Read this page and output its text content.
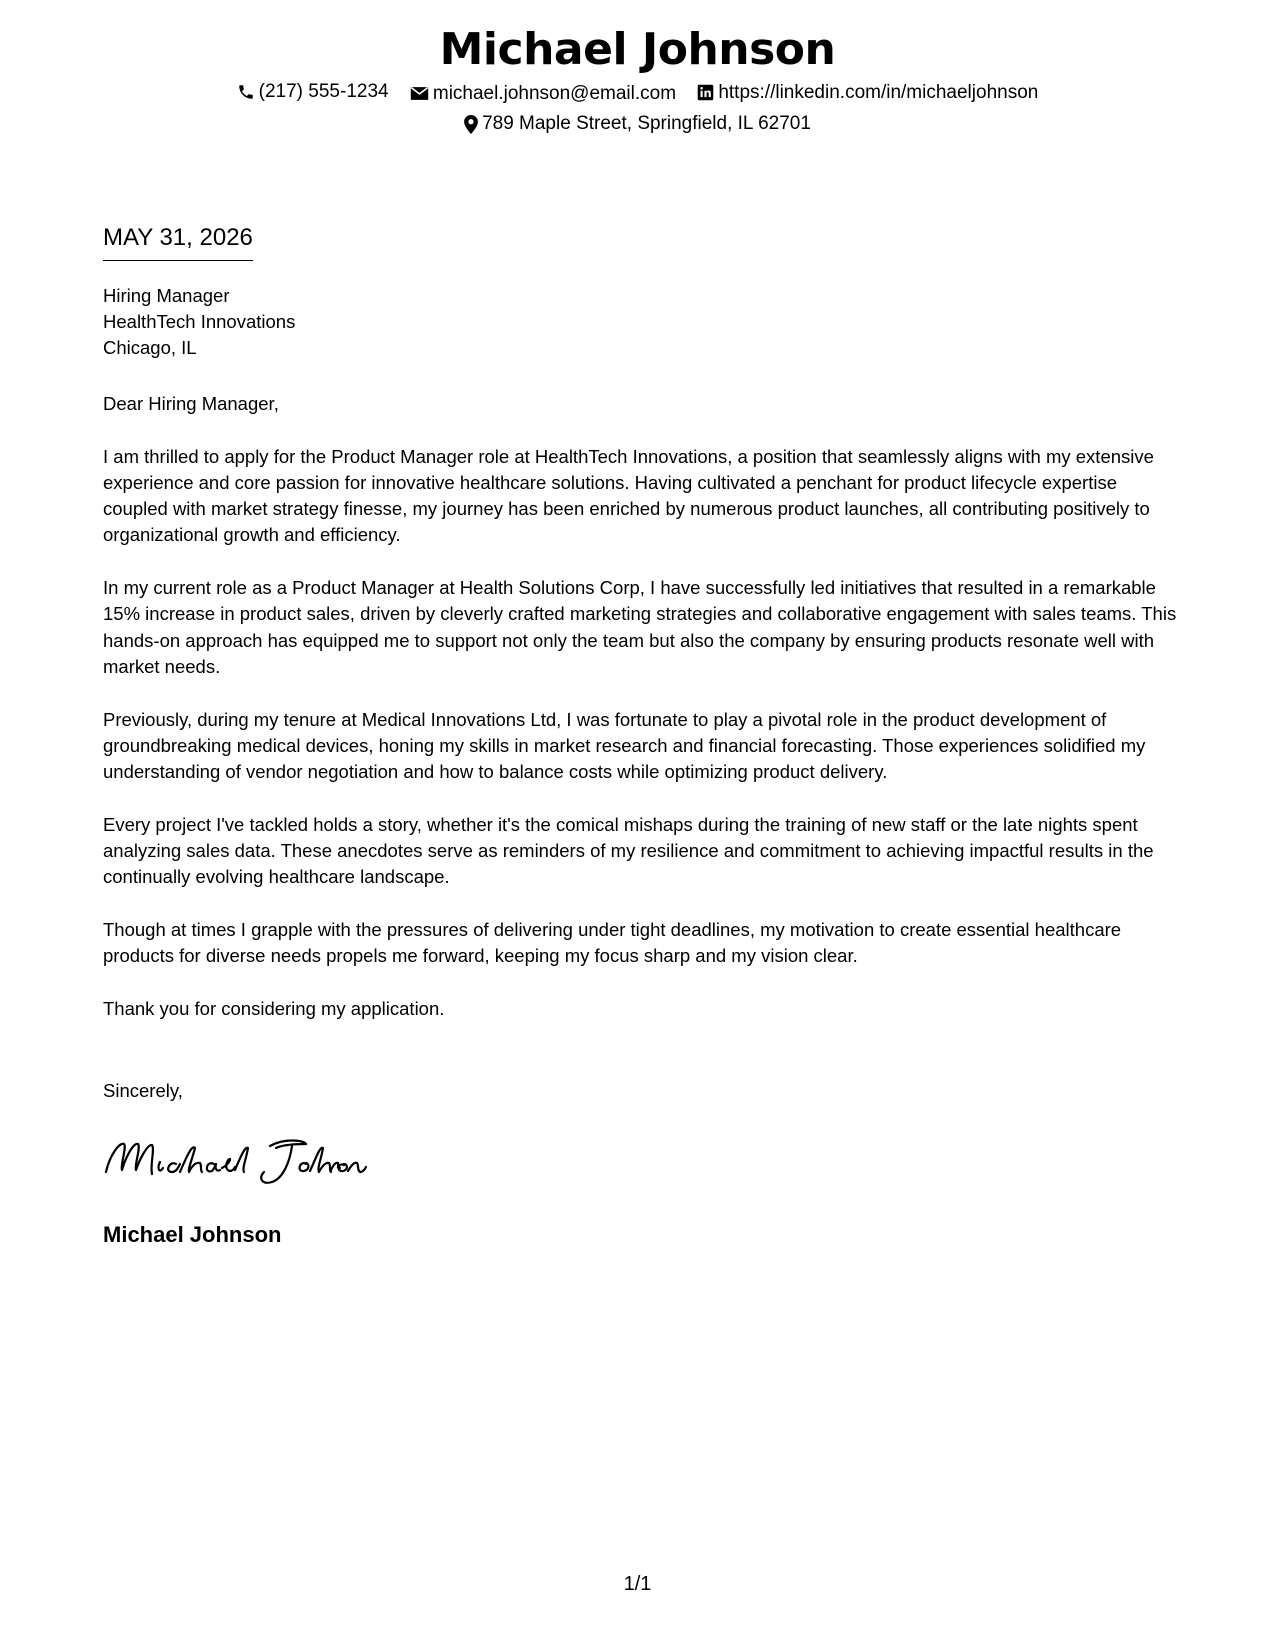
Michael Johnson
(217) 555-1234
michael.johnson@email.com
https://linkedin.com/in/michaeljohnson
789 Maple Street, Springfield, IL 62701
MAY 31, 2026
Hiring Manager
HealthTech Innovations
Chicago, IL

Dear Hiring Manager,

I am thrilled to apply for the Product Manager role at HealthTech Innovations, a position that seamlessly aligns with my extensive experience and core passion for innovative healthcare solutions. Having cultivated a penchant for product lifecycle expertise coupled with market strategy finesse, my journey has been enriched by numerous product launches, all contributing positively to organizational growth and efficiency.

In my current role as a Product Manager at Health Solutions Corp, I have successfully led initiatives that resulted in a remarkable 15% increase in product sales, driven by cleverly crafted marketing strategies and collaborative engagement with sales teams. This hands-on approach has equipped me to support not only the team but also the company by ensuring products resonate well with market needs.

Previously, during my tenure at Medical Innovations Ltd, I was fortunate to play a pivotal role in the product development of groundbreaking medical devices, honing my skills in market research and financial forecasting. Those experiences solidified my understanding of vendor negotiation and how to balance costs while optimizing product delivery.

Every project I've tackled holds a story, whether it's the comical mishaps during the training of new staff or the late nights spent analyzing sales data. These anecdotes serve as reminders of my resilience and commitment to achieving impactful results in the continually evolving healthcare landscape.

Though at times I grapple with the pressures of delivering under tight deadlines, my motivation to create essential healthcare products for diverse needs propels me forward, keeping my focus sharp and my vision clear.

Thank you for considering my application.

Sincerely,
Michael Johnson
1/1
